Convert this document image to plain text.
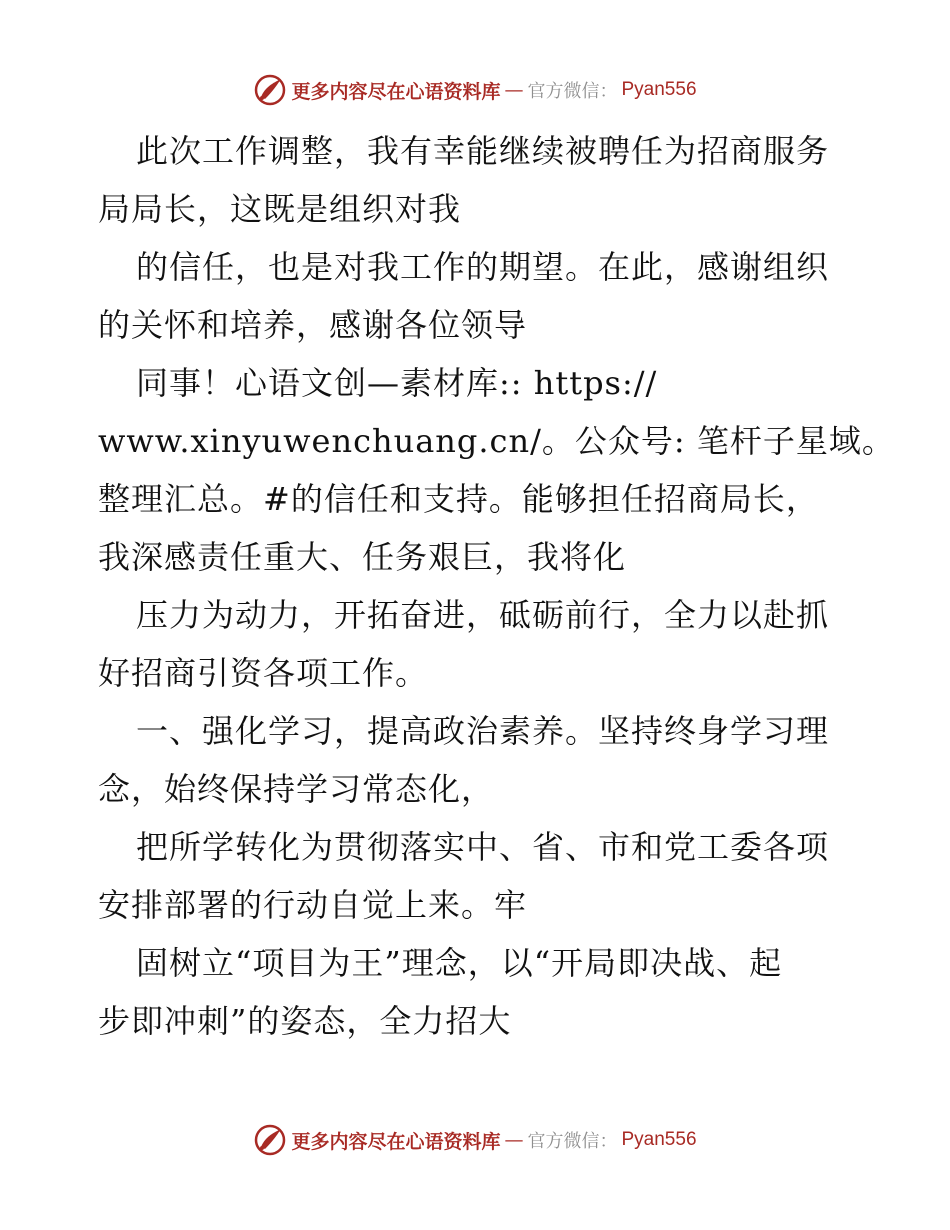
更多内容尽在心语资料库 — 官方微信： Pyan556
此次工作调整，我有幸能继续被聘任为招商服务
局局长，这既是组织对我
的信任，也是对我工作的期望。在此，感谢组织
的关怀和培养，感谢各位领导
同事！心语文创—素材库:: https://
www.xinyuwenchuang.cn/。公众号: 笔杆子星域。
整理汇总。#的信任和支持。能够担任招商局长，
我深感责任重大、任务艰巨，我将化
压力为动力，开拓奋进，砥砺前行，全力以赴抓
好招商引资各项工作。
一、强化学习，提高政治素养。坚持终身学习理
念，始终保持学习常态化，
把所学转化为贯彻落实中、省、市和党工委各项
安排部署的行动自觉上来。牢
固树立“项目为王”理念，以“开局即决战、起
步即冲刺”的姿态，全力招大
更多内容尽在心语资料库 — 官方微信： Pyan556
